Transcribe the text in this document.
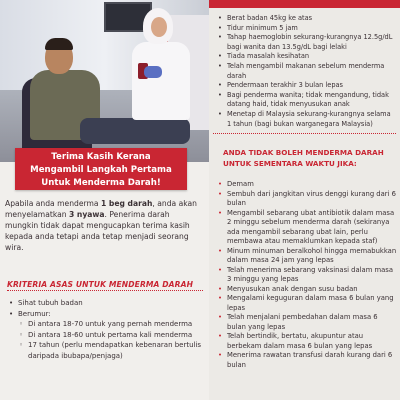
Terima Kasih Kerana
Mengambil Langkah Pertama
Untuk Menderma Darah!
Apabila anda menderma 1 beg darah, anda akan menyelamatkan 3 nyawa. Penerima darah mungkin tidak dapat mengucapkan terima kasih kepada anda tetapi anda tetap menjadi seorang wira.
KRITERIA ASAS UNTUK MENDERMA DARAH
• Sihat tubuh badan
• Berumur:
◦ Di antara 18-70 untuk yang pernah menderma
◦ Di antara 18-60 untuk pertama kali menderma
◦ 17 tahun (perlu mendapatkan kebenaran bertulis daripada ibubapa/penjaga)
• Berat badan 45kg ke atas
• Tidur minimum 5 jam
• Tahap haemoglobin sekurang-kurangnya 12.5g/dL bagi wanita dan 13.5g/dL bagi lelaki
• Tiada masalah kesihatan
• Telah mengambil makanan sebelum menderma darah
• Pendermaan terakhir 3 bulan lepas
• Bagi penderma wanita; tidak mengandung, tidak datang haid, tidak menyusukan anak
• Menetap di Malaysia sekurang-kurangnya selama 1 tahun (bagi bukan warganegara Malaysia)
ANDA TIDAK BOLEH MENDERMA DARAH UNTUK SEMENTARA WAKTU JIKA:
• Demam
• Sembuh dari jangkitan virus denggi kurang dari 6 bulan
• Mengambil sebarang ubat antibiotik dalam masa 2 minggu sebelum menderma darah (sekiranya ada mengambil sebarang ubat lain, perlu membawa atau memaklumkan kepada staf)
• Minum minuman beralkohol hingga memabukkan dalam masa 24 jam yang lepas
• Telah menerima sebarang vaksinasi dalam masa 3 minggu yang lepas
• Menyusukan anak dengan susu badan
• Mengalami keguguran dalam masa 6 bulan yang lepas
• Telah menjalani pembedahan dalam masa 6 bulan yang lepas
• Telah bertindik, bertatu, akupuntur atau berbekam dalam masa 6 bulan yang lepas
• Menerima rawatan transfusi darah kurang dari 6 bulan
